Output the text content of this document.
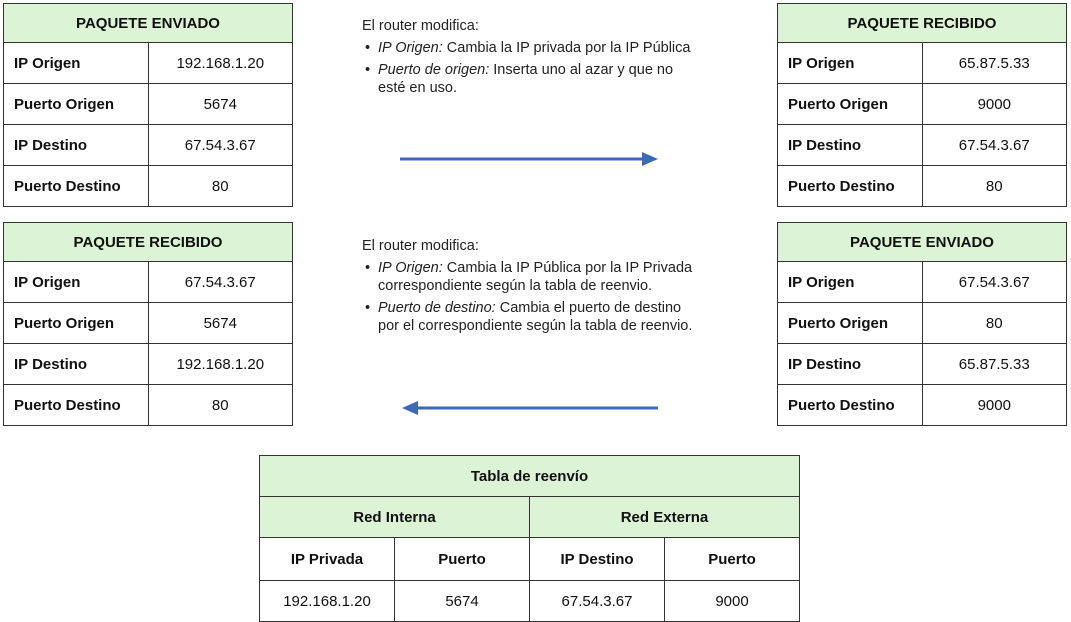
PAQUETE ENVIADO	
IP Origen	192.168.1.20
Puerto Origen	5674
IP Destino	67.54.3.67
Puerto Destino	80
PAQUETE RECIBIDO	
IP Origen	65.87.5.33
Puerto Origen	9000
IP Destino	67.54.3.67
Puerto Destino	80
PAQUETE RECIBIDO	
IP Origen	67.54.3.67
Puerto Origen	5674
IP Destino	192.168.1.20
Puerto Destino	80
PAQUETE ENVIADO	
IP Origen	67.54.3.67
Puerto Origen	80
IP Destino	65.87.5.33
Puerto Destino	9000
El router modifica:
• IP Origen: Cambia la IP privada por la IP Pública
• Puerto de origen: Inserta uno al azar y que no esté en uso.
El router modifica:
• IP Origen: Cambia la IP Pública por la IP Privada correspondiente según la tabla de reenvio.
• Puerto de destino: Cambia el puerto de destino por el correspondiente según la tabla de reenvio.
Tabla de reenvío			
Red Interna		Red Externa	
IP Privada	Puerto	IP Destino	Puerto
192.168.1.20	5674	67.54.3.67	9000
